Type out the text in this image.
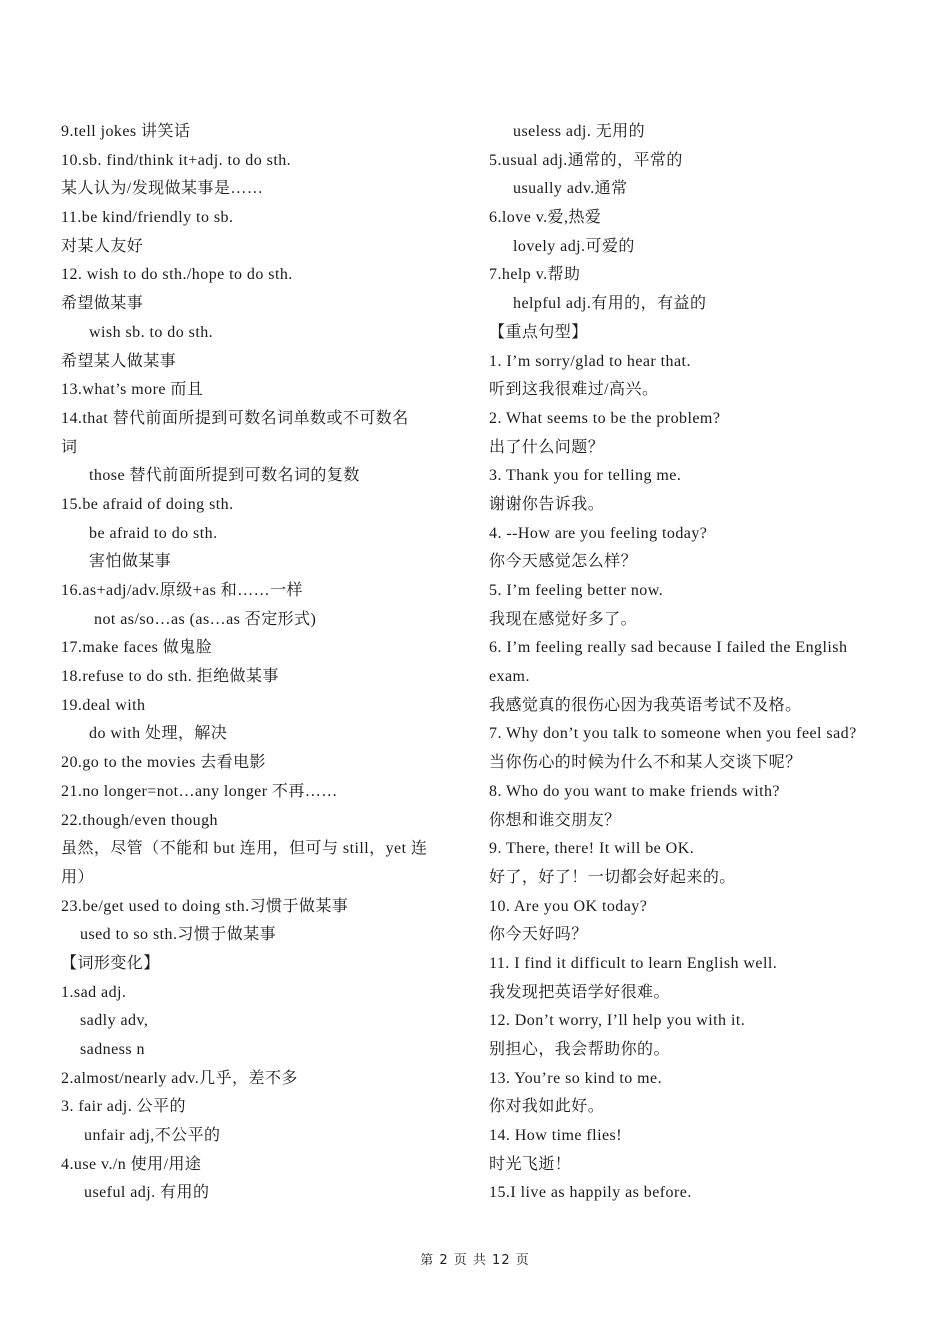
9.tell jokes 讲笑话
10.sb. find/think it+adj. to do sth.
某人认为/发现做某事是……
11.be kind/friendly to sb.
对某人友好
12. wish to do sth./hope to do sth.
希望做某事
wish sb. to do sth.
希望某人做某事
13.what’s more 而且
14.that 替代前面所提到可数名词单数或不可数名
词
those 替代前面所提到可数名词的复数
15.be afraid of doing sth.
be afraid to do sth.
害怕做某事
16.as+adj/adv.原级+as 和……一样
not as/so…as (as…as 否定形式)
17.make faces 做鬼脸
18.refuse to do sth. 拒绝做某事
19.deal with
do with 处理，解决
20.go to the movies 去看电影
21.no longer=not…any longer 不再……
22.though/even though
虽然，尽管（不能和 but 连用，但可与 still，yet 连
用）
23.be/get used to doing sth.习惯于做某事
used to so sth.习惯于做某事
【词形变化】
1.sad adj.
sadly adv,
sadness n
2.almost/nearly adv.几乎，差不多
3. fair adj. 公平的
unfair adj,不公平的
4.use v./n 使用/用途
useful adj. 有用的
useless adj. 无用的
5.usual adj.通常的，平常的
usually adv.通常
6.love v.爱,热爱
lovely adj.可爱的
7.help v.帮助
helpful adj.有用的，有益的
【重点句型】
1. I’m sorry/glad to hear that.
听到这我很难过/高兴。
2. What seems to be the problem?
出了什么问题？
3. Thank you for telling me.
谢谢你告诉我。
4. --How are you feeling today?
你今天感觉怎么样？
5. I’m feeling better now.
我现在感觉好多了。
6. I’m feeling really sad because I failed the English
exam.
我感觉真的很伤心因为我英语考试不及格。
7. Why don’t you talk to someone when you feel sad?
当你伤心的时候为什么不和某人交谈下呢？
8. Who do you want to make friends with?
你想和谁交朋友？
9. There, there! It will be OK.
好了，好了！一切都会好起来的。
10. Are you OK today?
你今天好吗？
11. I find it difficult to learn English well.
我发现把英语学好很难。
12. Don’t worry, I’ll help you with it.
别担心，我会帮助你的。
13. You’re so kind to me.
你对我如此好。
14. How time flies!
时光飞逝！
15.I live as happily as before.
第 2 页 共 12 页
